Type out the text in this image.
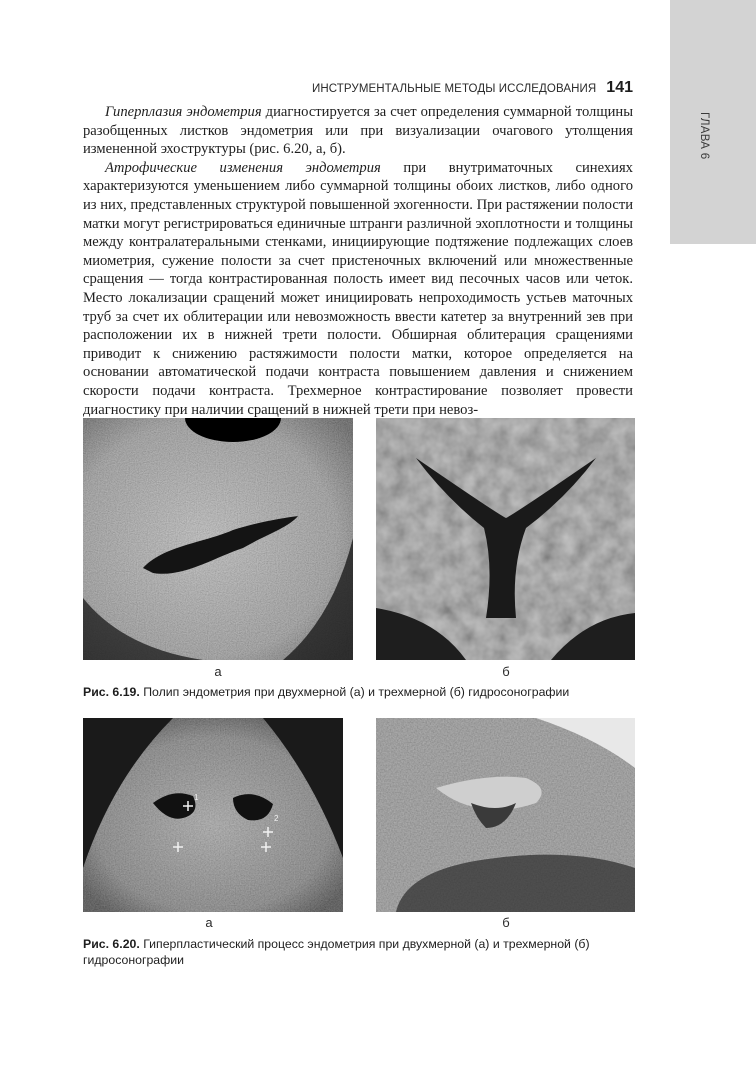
ГЛАВА 6
ИНСТРУМЕНТАЛЬНЫЕ МЕТОДЫ ИССЛЕДОВАНИЯ 141

Гиперплазия эндометрия диагностируется за счет определения суммарной толщины разобщенных листков эндометрия или при визуализации очагового утолщения измененной эхоструктуры (рис. 6.20, а, б).

Атрофические изменения эндометрия при внутриматочных синехиях характеризуются уменьшением либо суммарной толщины обоих листков, либо одного из них, представленных структурой повышенной эхогенности. При растяжении полости матки могут регистрироваться единичные штранги различной эхоплотности и толщины между контралатеральными стенками, инициирующие подтяжение подлежащих слоев миометрия, сужение полости за счет пристеночных включений или множественные сращения — тогда контрастированная полость имеет вид песочных часов или четок. Место локализации сращений может инициировать непроходимость устьев маточных труб за счет их облитерации или невозможность ввести катетер за внутренний зев при расположении их в нижней трети полости. Обширная облитерация сращениями приводит к снижению растяжимости полости матки, которое определяется на основании автоматической подачи контраста повышением давления и снижением скорости подачи контраста. Трехмерное контрастирование позволяет провести диагностику при наличии сращений в нижней трети при невоз-

а	б
Рис. 6.19. Полип эндометрия при двухмерной (а) и трехмерной (б) гидросонографии
1
2
а	б
Рис. 6.20. Гиперпластический процесс эндометрия при двухмерной (а) и трехмерной (б) гидросонографии
